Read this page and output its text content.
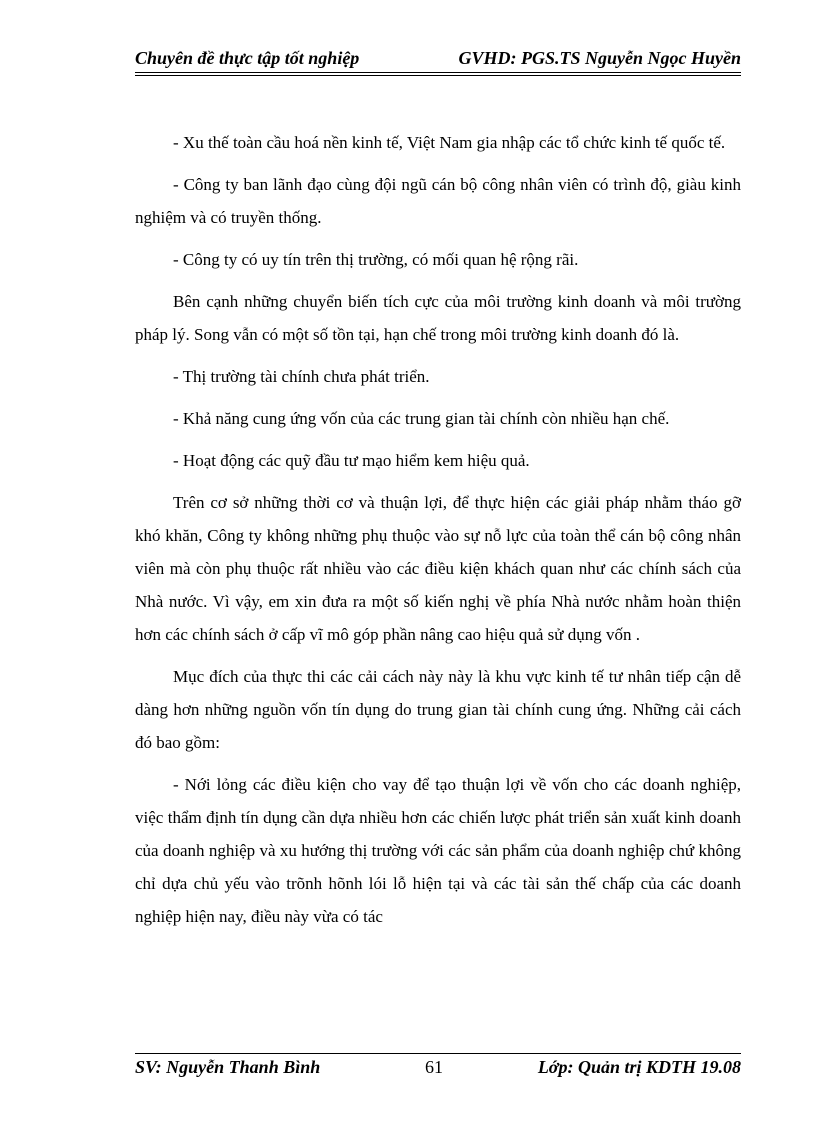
Chuyên đề thực tập tốt nghiệp	GVHD: PGS.TS Nguyễn Ngọc Huyền

- Xu thế toàn cầu hoá nền kinh tế, Việt Nam gia nhập các tổ chức kinh tế quốc tế.

- Công ty ban lãnh đạo cùng đội ngũ cán bộ công nhân viên có trình độ, giàu kinh nghiệm và có truyền thống.

- Công ty có uy tín trên thị trường, có mối quan hệ rộng rãi.

Bên cạnh những chuyển biến tích cực của môi trường kinh doanh và môi trường pháp lý. Song vẫn có một số tồn tại, hạn chế trong môi trường kinh doanh đó là.

- Thị trường tài chính chưa phát triển.

- Khả năng cung ứng vốn của các trung gian tài chính còn nhiều hạn chế.

- Hoạt động các quỹ đầu tư mạo hiểm kem hiệu quả.

Trên cơ sở những thời cơ và thuận lợi, để thực hiện các giải pháp nhằm tháo gỡ khó khăn, Công ty không những phụ thuộc vào sự nỗ lực của toàn thể cán bộ công nhân viên mà còn phụ thuộc rất nhiều vào các điều kiện khách quan như các chính sách của Nhà nước. Vì vậy, em xin đưa ra một số kiến nghị về phía Nhà nước nhằm hoàn thiện hơn các chính sách ở cấp vĩ mô góp phần nâng cao hiệu quả sử dụng vốn .

Mục đích của thực thi các cải cách này này là khu vực kinh tế tư nhân tiếp cận dễ dàng hơn những nguồn vốn tín dụng do trung gian tài chính cung ứng. Những cải cách đó bao gồm:

- Nới lỏng các điều kiện cho vay để tạo thuận lợi về vốn cho các doanh nghiệp, việc thẩm định tín dụng cần dựa nhiều hơn các chiến lược phát triển sản xuất kinh doanh của doanh nghiệp và xu hướng thị trường với các sản phẩm của doanh nghiệp chứ không chỉ dựa chủ yếu vào trõnh hõnh lói lỗ hiện tại và các tài sản thế chấp của các doanh nghiệp hiện nay, điều này vừa có tác

SV: Nguyễn Thanh Bình	61	Lớp: Quản trị KDTH 19.08
